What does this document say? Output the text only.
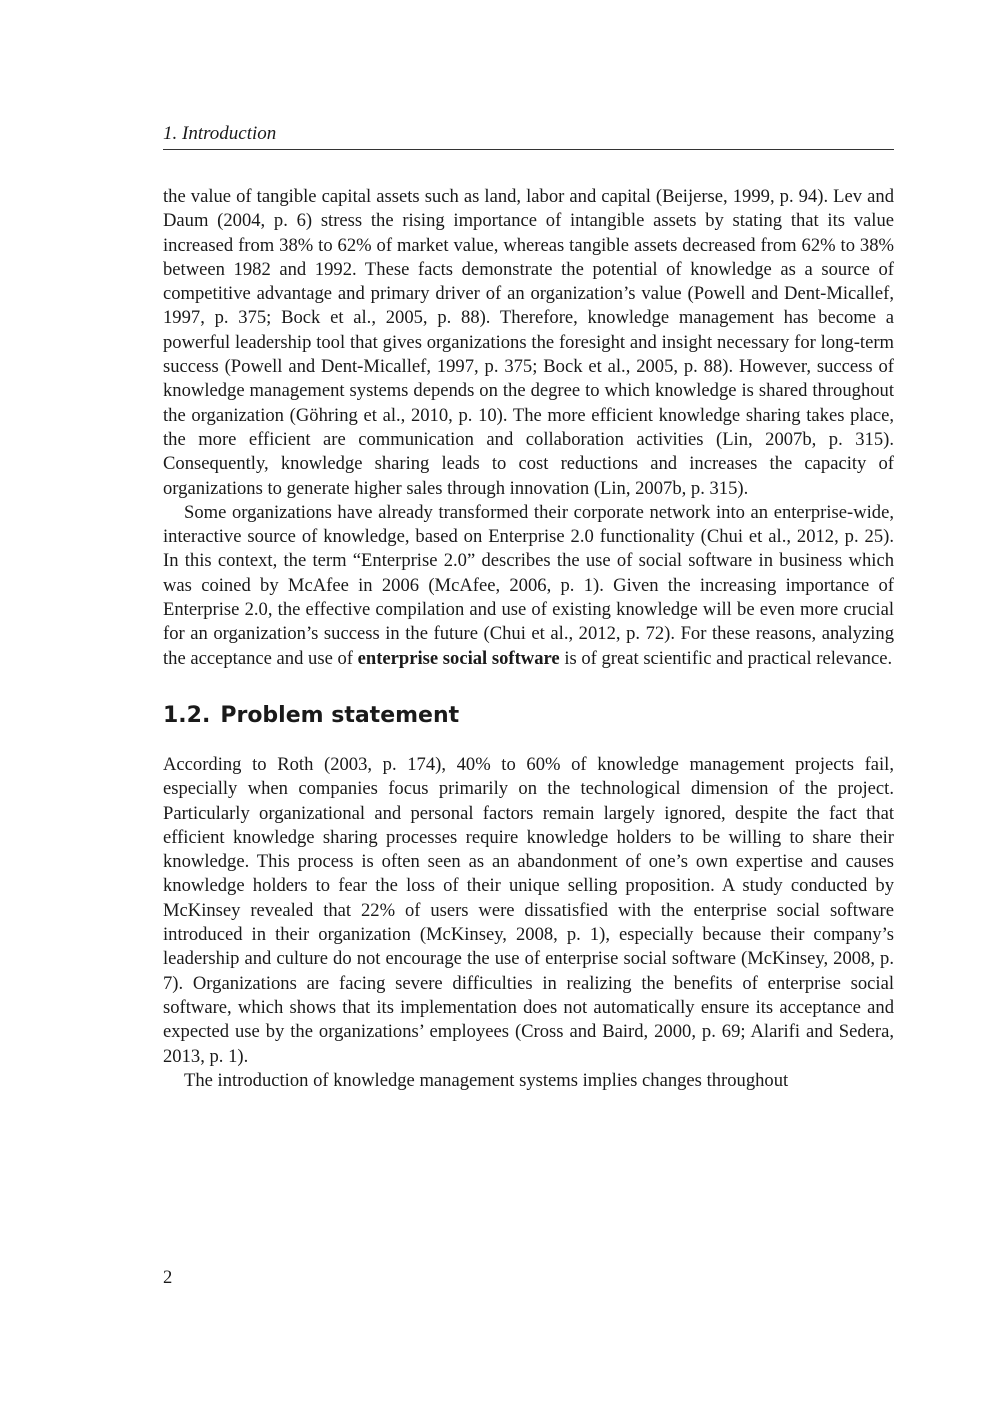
1. Introduction

the value of tangible capital assets such as land, labor and capital (Beijerse, 1999, p. 94). Lev and Daum (2004, p. 6) stress the rising importance of intangible assets by stating that its value increased from 38% to 62% of market value, whereas tangible assets decreased from 62% to 38% between 1982 and 1992. These facts demonstrate the potential of knowledge as a source of competitive advantage and primary driver of an organization’s value (Powell and Dent-Micallef, 1997, p. 375; Bock et al., 2005, p. 88). Therefore, knowledge management has become a powerful leadership tool that gives organizations the foresight and insight necessary for long-term success (Powell and Dent-Micallef, 1997, p. 375; Bock et al., 2005, p. 88). However, success of knowledge management systems depends on the degree to which knowledge is shared throughout the organization (Göhring et al., 2010, p. 10). The more efficient knowledge sharing takes place, the more efficient are communication and collaboration activities (Lin, 2007b, p. 315). Consequently, knowledge sharing leads to cost reductions and increases the capacity of organizations to generate higher sales through innovation (Lin, 2007b, p. 315).

Some organizations have already transformed their corporate network into an enterprise-wide, interactive source of knowledge, based on Enterprise 2.0 functionality (Chui et al., 2012, p. 25). In this context, the term “Enterprise 2.0” describes the use of social software in business which was coined by McAfee in 2006 (McAfee, 2006, p. 1). Given the increasing importance of Enterprise 2.0, the effective compilation and use of existing knowledge will be even more crucial for an organization’s success in the future (Chui et al., 2012, p. 72). For these reasons, analyzing the acceptance and use of enterprise social software is of great scientific and practical relevance.

1.2. Problem statement

According to Roth (2003, p. 174), 40% to 60% of knowledge management projects fail, especially when companies focus primarily on the technological dimension of the project. Particularly organizational and personal factors remain largely ignored, despite the fact that efficient knowledge sharing processes require knowledge holders to be willing to share their knowledge. This process is often seen as an abandonment of one’s own expertise and causes knowledge holders to fear the loss of their unique selling proposition. A study conducted by McKinsey revealed that 22% of users were dissatisfied with the enterprise social software introduced in their organization (McKinsey, 2008, p. 1), especially because their company’s leadership and culture do not encourage the use of enterprise social software (McKinsey, 2008, p. 7). Organizations are facing severe difficulties in realizing the benefits of enterprise social software, which shows that its implementation does not automatically ensure its acceptance and expected use by the organizations’ employees (Cross and Baird, 2000, p. 69; Alarifi and Sedera, 2013, p. 1).

The introduction of knowledge management systems implies changes throughout

2
